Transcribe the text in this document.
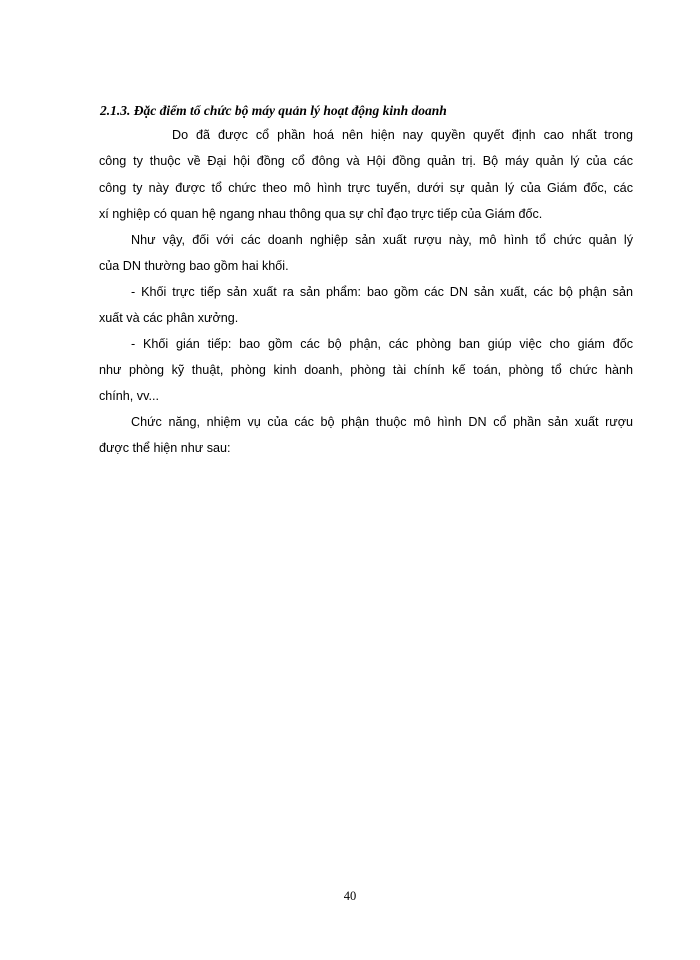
2.1.3. Đặc điểm tổ chức bộ máy quản lý hoạt động kinh doanh
Do đã được cổ phần hoá nên hiện nay quyền quyết định cao nhất trong
công ty thuộc về Đại hội đồng cổ đông và Hội đồng quản trị. Bộ máy quản lý của các
công ty này được tổ chức theo mô hình trực tuyến, dưới sự quản lý của Giám đốc, các
xí nghiệp có quan hệ ngang nhau thông qua sự chỉ đạo trực tiếp của Giám đốc.
Như vậy, đối với các doanh nghiệp sản xuất rượu này, mô hình tổ chức quản lý
của DN thường bao gồm hai khối.
- Khối trực tiếp sản xuất ra sản phẩm: bao gồm các DN sản xuất, các bộ phận sản
xuất và các phân xưởng.
- Khối gián tiếp: bao gồm các bộ phận, các phòng ban giúp việc cho giám đốc
như phòng kỹ thuật, phòng kinh doanh, phòng tài chính kế toán, phòng tổ chức hành
chính, vv...
Chức năng, nhiệm vụ của các bộ phận thuộc mô hình DN cổ phần sản xuất rượu
được thể hiện như sau:
40
